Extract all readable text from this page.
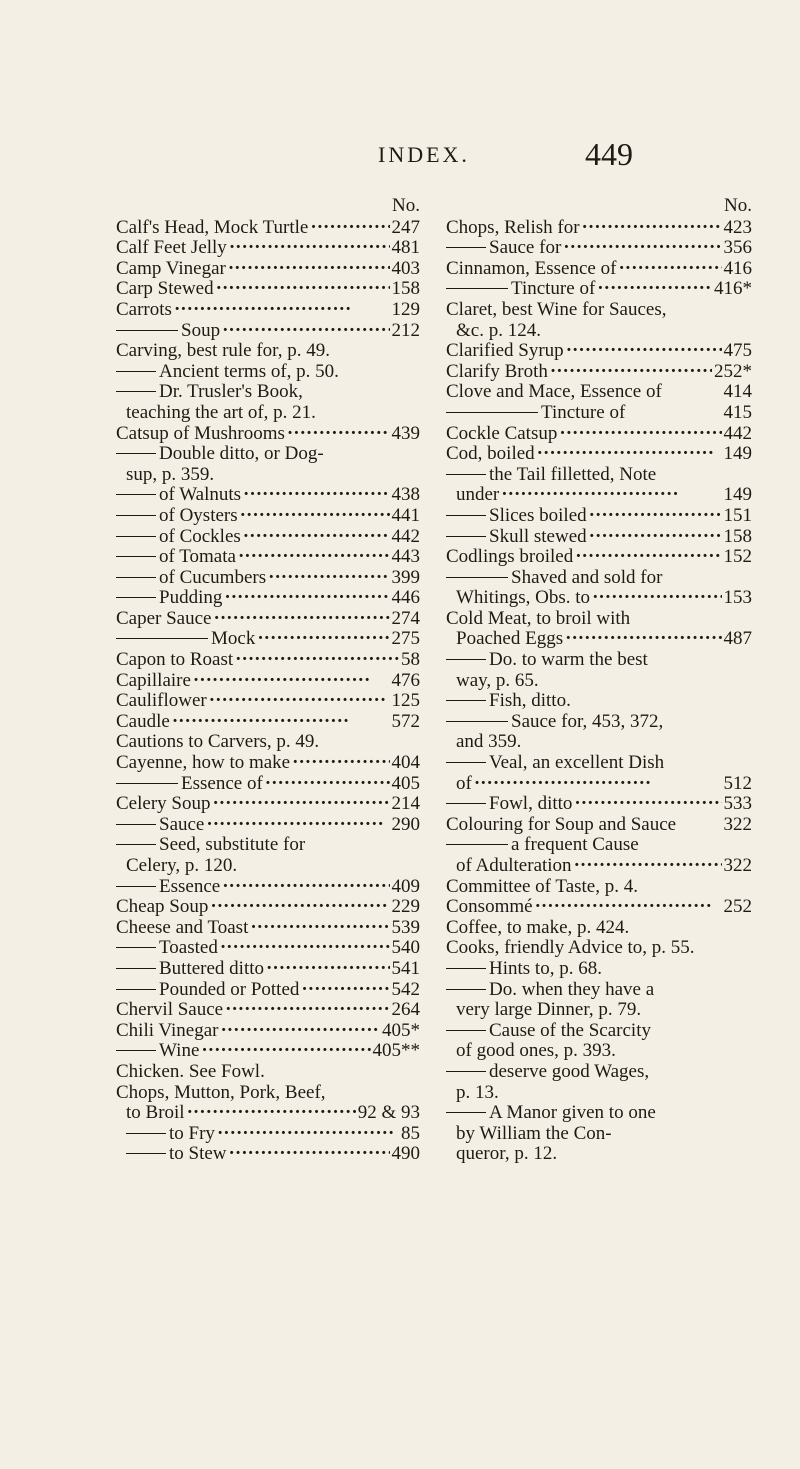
INDEX.	449
No.
Calf's Head, Mock Turtle ·····	247
Calf Feet Jelly ·····	481
Camp Vinegar ·····	403
Carp Stewed ·····	158
Carrots ·····	129
Soup ·····	212
Carving, best rule for, p. 49.
Ancient terms of, p. 50.
Dr. Trusler's Book,
teaching the art of, p. 21.
Catsup of Mushrooms ·····	439
Double ditto, or Dog-
sup, p. 359.
of Walnuts ·····	438
of Oysters ·····	441
of Cockles ·····	442
of Tomata ·····	443
of Cucumbers ·····	399
Pudding ·····	446
Caper Sauce ·····	274
Mock ·····	275
Capon to Roast ·····	58
Capillaire ·····	476
Cauliflower ·····	125
Caudle ·····	572
Cautions to Carvers, p. 49.
Cayenne, how to make ·····	404
Essence of ·····	405
Celery Soup ·····	214
Sauce ·····	290
Seed, substitute for
Celery, p. 120.
Essence ·····	409
Cheap Soup ·····	229
Cheese and Toast ·····	539
Toasted ·····	540
Buttered ditto ·····	541
Pounded or Potted ·····	542
Chervil Sauce ·····	264
Chili Vinegar ·····	405*
Wine ·····	405**
Chicken. See Fowl.
Chops, Mutton, Pork, Beef,
to Broil ·····	92 & 93
to Fry ·····	85
to Stew ·····	490
No.
Chops, Relish for ·····	423
Sauce for ·····	356
Cinnamon, Essence of ·····	416
Tincture of ·····	416*
Claret, best Wine for Sauces,
&c. p. 124.
Clarified Syrup ·····	475
Clarify Broth ·····	252*
Clove and Mace, Essence of	414
Tincture of	415
Cockle Catsup ·····	442
Cod, boiled ·····	149
the Tail filletted, Note
under ·····	149
Slices boiled ·····	151
Skull stewed ·····	158
Codlings broiled ·····	152
Shaved and sold for
Whitings, Obs. to ·····	153
Cold Meat, to broil with
Poached Eggs ·····	487
Do. to warm the best
way, p. 65.
Fish, ditto.
Sauce for, 453, 372,
and 359.
Veal, an excellent Dish
of ·····	512
Fowl, ditto ·····	533
Colouring for Soup and Sauce 322
a frequent Cause
of Adulteration ·····	322
Committee of Taste, p. 4.
Consommé ·····	252
Coffee, to make, p. 424.
Cooks, friendly Advice to, p. 55.
Hints to, p. 68.
Do. when they have a
very large Dinner, p. 79.
Cause of the Scarcity
of good ones, p. 393.
deserve good Wages,
p. 13.
A Manor given to one
by William the Con-
queror, p. 12.
